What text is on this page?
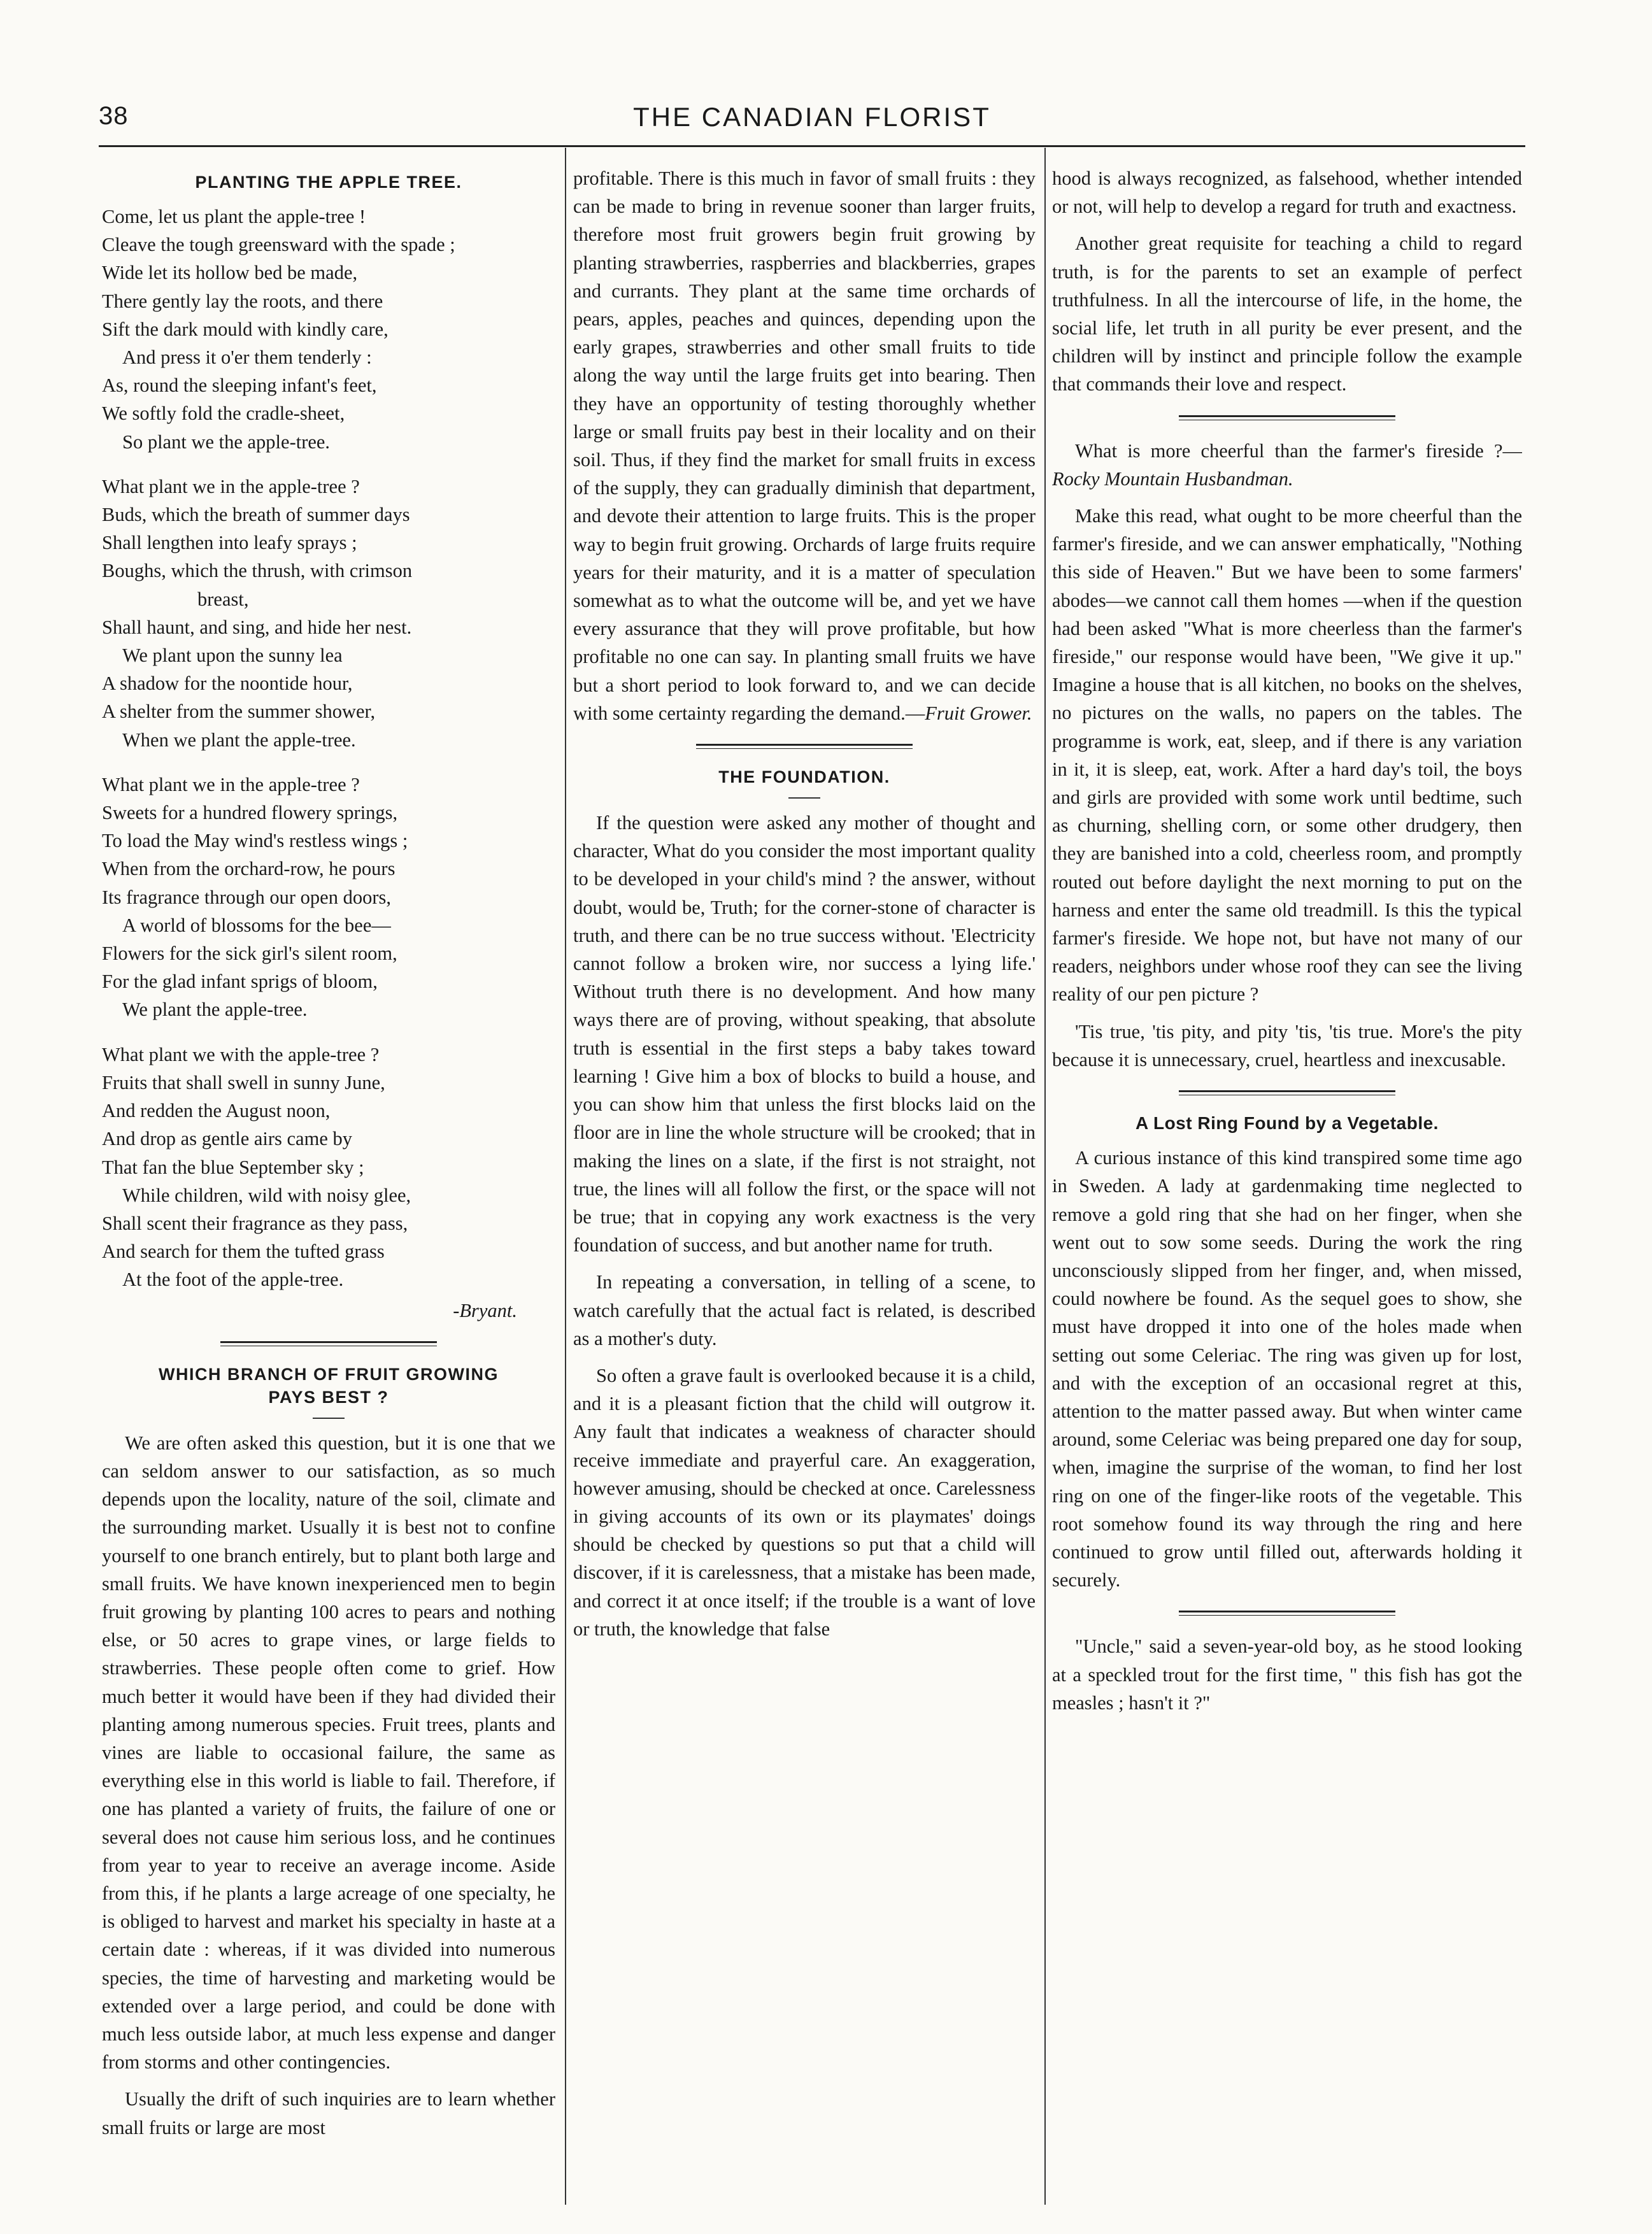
38	THE CANADIAN FLORIST
PLANTING THE APPLE TREE.
Come, let us plant the apple-tree !
Cleave the tough greensward with the spade ;
Wide let its hollow bed be made,
There gently lay the roots, and there
Sift the dark mould with kindly care,
And press it o'er them tenderly :
As, round the sleeping infant's feet,
We softly fold the cradle-sheet,
So plant we the apple-tree.
What plant we in the apple-tree ?
Buds, which the breath of summer days
Shall lengthen into leafy sprays ;
Boughs, which the thrush, with crimson
breast,
Shall haunt, and sing, and hide her nest.
We plant upon the sunny lea
A shadow for the noontide hour,
A shelter from the summer shower,
When we plant the apple-tree.
What plant we in the apple-tree ?
Sweets for a hundred flowery springs,
To load the May wind's restless wings ;
When from the orchard-row, he pours
Its fragrance through our open doors,
A world of blossoms for the bee—
Flowers for the sick girl's silent room,
For the glad infant sprigs of bloom,
We plant the apple-tree.
What plant we with the apple-tree ?
Fruits that shall swell in sunny June,
And redden the August noon,
And drop as gentle airs came by
That fan the blue September sky ;
While children, wild with noisy glee,
Shall scent their fragrance as they pass,
And search for them the tufted grass
At the foot of the apple-tree.
-Bryant.
WHICH BRANCH OF FRUIT GROWING
PAYS BEST ?

We are often asked this question, but it is one that we can seldom answer to our satisfaction, as so much depends upon the locality, nature of the soil, climate and the surrounding market. Usually it is best not to confine yourself to one branch entirely, but to plant both large and small fruits. We have known inexperienced men to begin fruit growing by planting 100 acres to pears and nothing else, or 50 acres to grape vines, or large fields to strawberries. These people often come to grief. How much better it would have been if they had divided their planting among numerous species. Fruit trees, plants and vines are liable to occasional failure, the same as everything else in this world is liable to fail. Therefore, if one has planted a variety of fruits, the failure of one or several does not cause him serious loss, and he continues from year to year to receive an average income. Aside from this, if he plants a large acreage of one specialty, he is obliged to harvest and market his specialty in haste at a certain date : whereas, if it was divided into numerous species, the time of harvesting and marketing would be extended over a large period, and could be done with much less outside labor, at much less expense and danger from storms and other contingencies.

Usually the drift of such inquiries are to learn whether small fruits or large are most

profitable. There is this much in favor of small fruits : they can be made to bring in revenue sooner than larger fruits, therefore most fruit growers begin fruit growing by planting strawberries, raspberries and blackberries, grapes and currants. They plant at the same time orchards of pears, apples, peaches and quinces, depending upon the early grapes, strawberries and other small fruits to tide along the way until the large fruits get into bearing. Then they have an opportunity of testing thoroughly whether large or small fruits pay best in their locality and on their soil. Thus, if they find the market for small fruits in excess of the supply, they can gradually diminish that department, and devote their attention to large fruits. This is the proper way to begin fruit growing. Orchards of large fruits require years for their maturity, and it is a matter of speculation somewhat as to what the outcome will be, and yet we have every assurance that they will prove profitable, but how profitable no one can say. In planting small fruits we have but a short period to look forward to, and we can decide with some certainty regarding the demand.—Fruit Grower.

THE FOUNDATION.

If the question were asked any mother of thought and character, What do you consider the most important quality to be developed in your child's mind ? the answer, without doubt, would be, Truth; for the corner-stone of character is truth, and there can be no true success without. 'Electricity cannot follow a broken wire, nor success a lying life.' Without truth there is no development. And how many ways there are of proving, without speaking, that absolute truth is essential in the first steps a baby takes toward learning ! Give him a box of blocks to build a house, and you can show him that unless the first blocks laid on the floor are in line the whole structure will be crooked; that in making the lines on a slate, if the first is not straight, not true, the lines will all follow the first, or the space will not be true; that in copying any work exactness is the very foundation of success, and but another name for truth.

In repeating a conversation, in telling of a scene, to watch carefully that the actual fact is related, is described as a mother's duty.

So often a grave fault is overlooked because it is a child, and it is a pleasant fiction that the child will outgrow it. Any fault that indicates a weakness of character should receive immediate and prayerful care. An exaggeration, however amusing, should be checked at once. Carelessness in giving accounts of its own or its playmates' doings should be checked by questions so put that a child will discover, if it is carelessness, that a mistake has been made, and correct it at once itself; if the trouble is a want of love or truth, the knowledge that false

hood is always recognized, as falsehood, whether intended or not, will help to develop a regard for truth and exactness.

Another great requisite for teaching a child to regard truth, is for the parents to set an example of perfect truthfulness. In all the intercourse of life, in the home, the social life, let truth in all purity be ever present, and the children will by instinct and principle follow the example that commands their love and respect.

What is more cheerful than the farmer's fireside ?—Rocky Mountain Husbandman.

Make this read, what ought to be more cheerful than the farmer's fireside, and we can answer emphatically, "Nothing this side of Heaven." But we have been to some farmers' abodes—we cannot call them homes —when if the question had been asked "What is more cheerless than the farmer's fireside," our response would have been, "We give it up." Imagine a house that is all kitchen, no books on the shelves, no pictures on the walls, no papers on the tables. The programme is work, eat, sleep, and if there is any variation in it, it is sleep, eat, work. After a hard day's toil, the boys and girls are provided with some work until bedtime, such as churning, shelling corn, or some other drudgery, then they are banished into a cold, cheerless room, and promptly routed out before daylight the next morning to put on the harness and enter the same old treadmill. Is this the typical farmer's fireside. We hope not, but have not many of our readers, neighbors under whose roof they can see the living reality of our pen picture ?

'Tis true, 'tis pity, and pity 'tis, 'tis true. More's the pity because it is unnecessary, cruel, heartless and inexcusable.

A Lost Ring Found by a Vegetable.

A curious instance of this kind transpired some time ago in Sweden. A lady at gardenmaking time neglected to remove a gold ring that she had on her finger, when she went out to sow some seeds. During the work the ring unconsciously slipped from her finger, and, when missed, could nowhere be found. As the sequel goes to show, she must have dropped it into one of the holes made when setting out some Celeriac. The ring was given up for lost, and with the exception of an occasional regret at this, attention to the matter passed away. But when winter came around, some Celeriac was being prepared one day for soup, when, imagine the surprise of the woman, to find her lost ring on one of the finger-like roots of the vegetable. This root somehow found its way through the ring and here continued to grow until filled out, afterwards holding it securely.

"Uncle," said a seven-year-old boy, as he stood looking at a speckled trout for the first time, " this fish has got the measles ; hasn't it ?"
